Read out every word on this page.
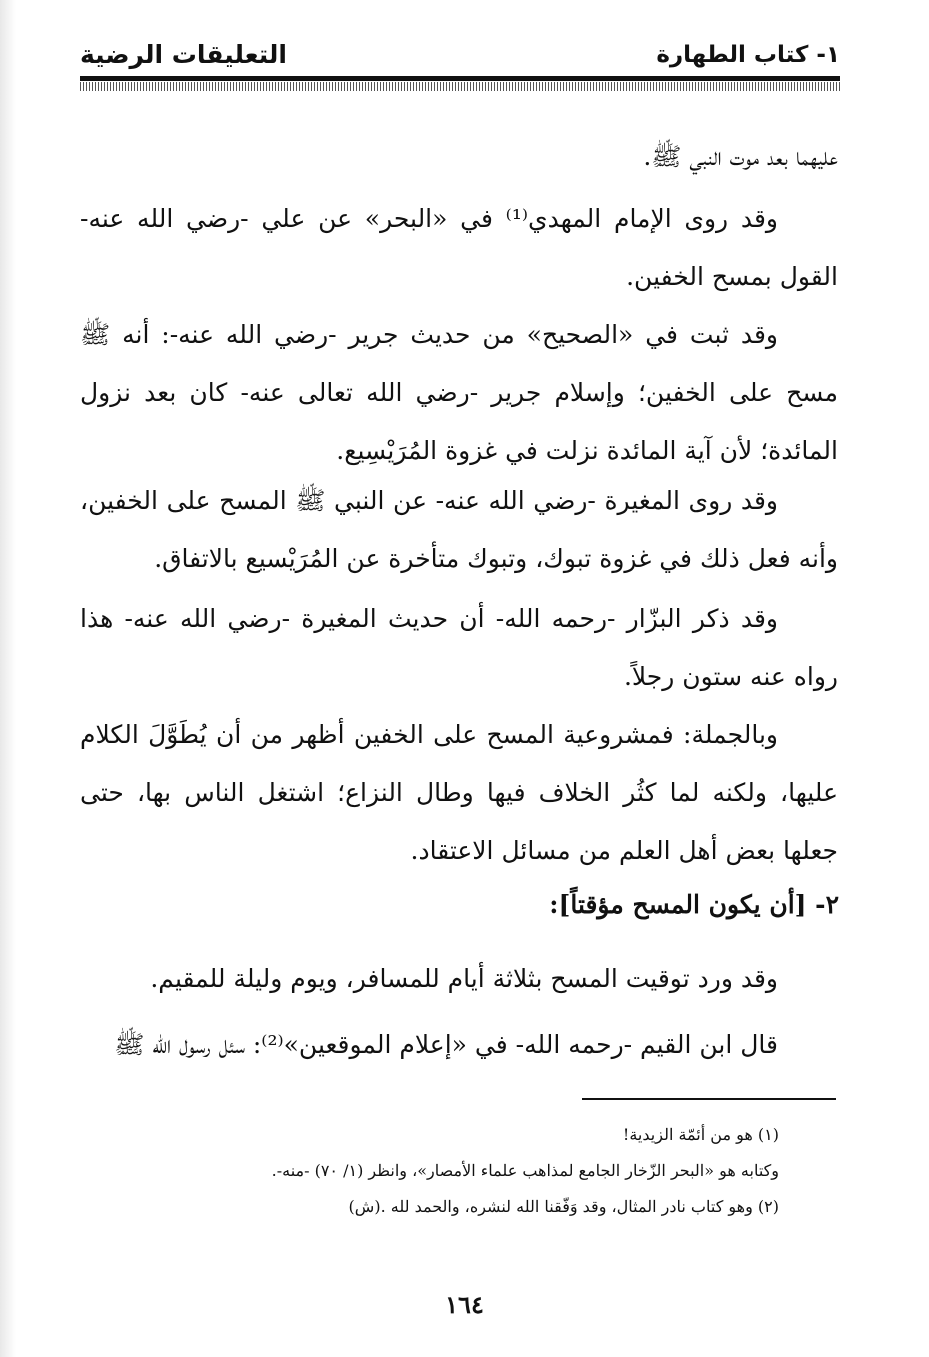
١- كتاب الطهارة
التعليقات الرضية
عليهما بعد موت النبي ﷺ.
وقد روى الإمام المهدي⁽¹⁾ في «البحر» عن علي -رضي الله عنه- القول بمسح الخفين.
وقد ثبت في «الصحيح» من حديث جرير -رضي الله عنه-: أنه ﷺ مسح على الخفين؛ وإسلام جرير -رضي الله تعالى عنه- كان بعد نزول المائدة؛ لأن آية المائدة نزلت في غزوة المُرَيْسِيع.
وقد روى المغيرة -رضي الله عنه- عن النبي ﷺ المسح على الخفين، وأنه فعل ذلك في غزوة تبوك، وتبوك متأخرة عن المُرَيْسيع بالاتفاق.
وقد ذكر البزّار -رحمه الله- أن حديث المغيرة -رضي الله عنه- هذا رواه عنه ستون رجلاً.
وبالجملة: فمشروعية المسح على الخفين أظهر من أن يُطَوَّلَ الكلام عليها، ولكنه لما كثُر الخلاف فيها وطال النزاع؛ اشتغل الناس بها، حتى جعلها بعض أهل العلم من مسائل الاعتقاد.
٢- [أن يكون المسح مؤقتاً]:
وقد ورد توقيت المسح بثلاثة أيام للمسافر، ويوم وليلة للمقيم.
قال ابن القيم -رحمه الله- في «إعلام الموقعين»⁽²⁾: سئل رسول الله ﷺ
(١) هو من أئمّة الزيدية!
وكتابه هو «البحر الزّخار الجامع لمذاهب علماء الأمصار»، وانظر (١/ ٧٠) -منه-.
(٢) وهو كتاب نادر المثال، وقد وَفّقنا الله لنشره، والحمد لله .(ش)
١٦٤
